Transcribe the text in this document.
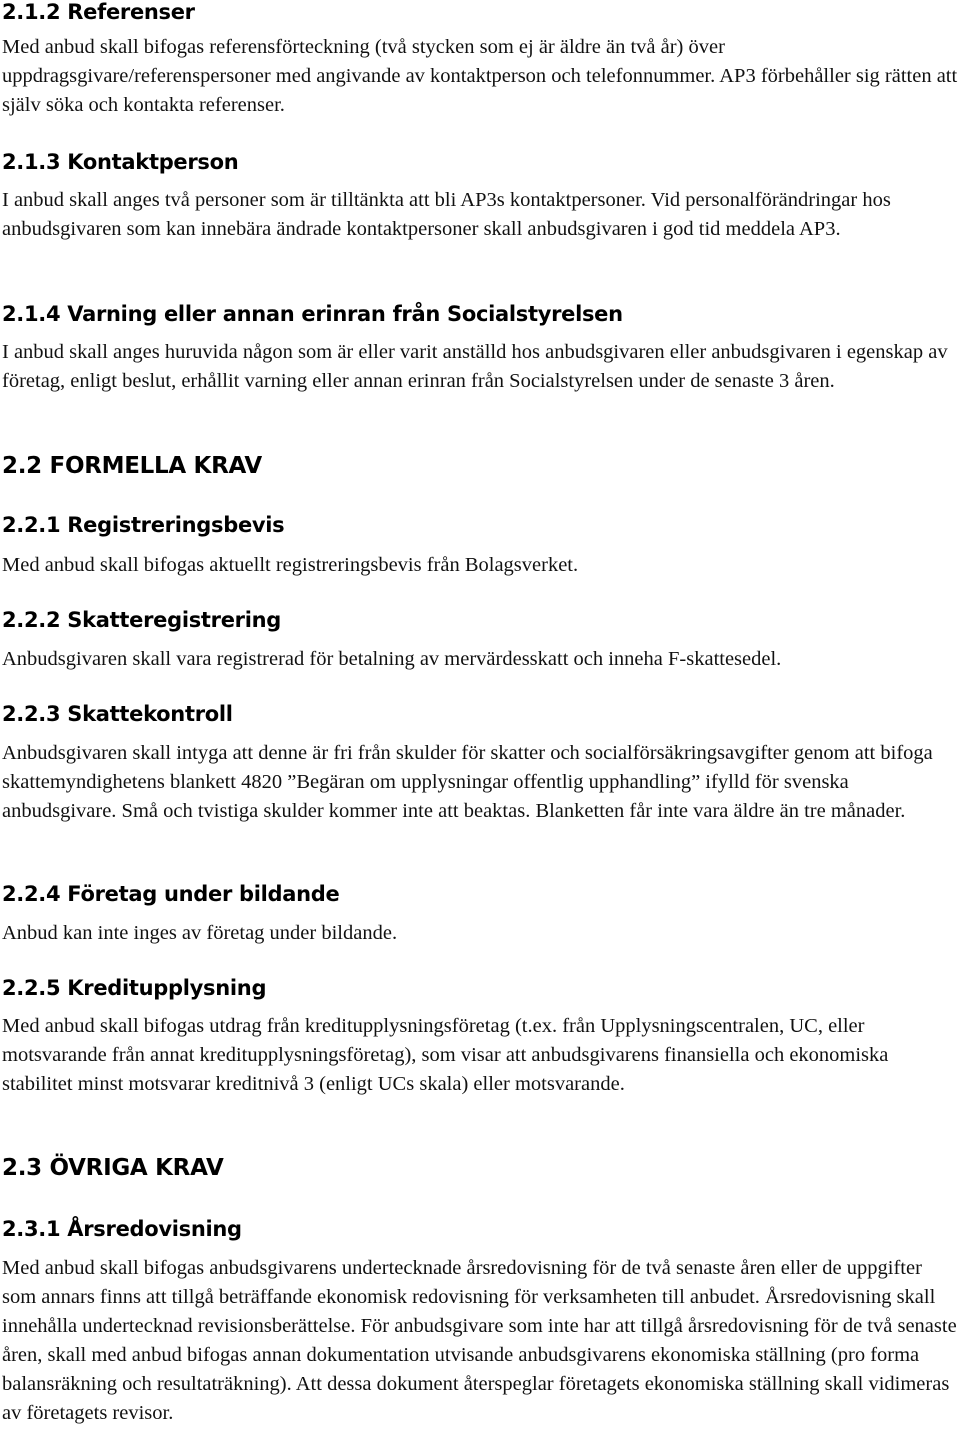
2.1.2 Referenser

Med anbud skall bifogas referensförteckning (två stycken som ej är äldre än två år) över uppdragsgivare/referenspersoner med angivande av kontaktperson och telefonnummer. AP3 förbehåller sig rätten att själv söka och kontakta referenser.

2.1.3 Kontaktperson

I anbud skall anges två personer som är tilltänkta att bli AP3s kontaktpersoner. Vid personalförändringar hos anbudsgivaren som kan innebära ändrade kontaktpersoner skall anbudsgivaren i god tid meddela AP3.

2.1.4 Varning eller annan erinran från Socialstyrelsen

I anbud skall anges huruvida någon som är eller varit anställd hos anbudsgivaren eller anbudsgivaren i egenskap av företag, enligt beslut, erhållit varning eller annan erinran från Socialstyrelsen under de senaste 3 åren.

2.2 FORMELLA KRAV
2.2.1 Registreringsbevis

Med anbud skall bifogas aktuellt registreringsbevis från Bolagsverket.

2.2.2 Skatteregistrering

Anbudsgivaren skall vara registrerad för betalning av mervärdesskatt och inneha F-skattesedel.

2.2.3 Skattekontroll

Anbudsgivaren skall intyga att denne är fri från skulder för skatter och socialförsäkringsavgifter genom att bifoga skattemyndighetens blankett 4820 ”Begäran om upplysningar offentlig upphandling” ifylld för svenska anbudsgivare. Små och tvistiga skulder kommer inte att beaktas. Blanketten får inte vara äldre än tre månader.

2.2.4 Företag under bildande

Anbud kan inte inges av företag under bildande.

2.2.5 Kreditupplysning

Med anbud skall bifogas utdrag från kreditupplysningsföretag (t.ex. från Upplysningscentralen, UC, eller motsvarande från annat kreditupplysningsföretag), som visar att anbudsgivarens finansiella och ekonomiska stabilitet minst motsvarar kreditnivå 3 (enligt UCs skala) eller motsvarande.

2.3 ÖVRIGA KRAV
2.3.1 Årsredovisning

Med anbud skall bifogas anbudsgivarens undertecknade årsredovisning för de två senaste åren eller de uppgifter som annars finns att tillgå beträffande ekonomisk redovisning för verksamheten till anbudet. Årsredovisning skall innehålla undertecknad revisionsberättelse. För anbudsgivare som inte har att tillgå årsredovisning för de två senaste åren, skall med anbud bifogas annan dokumentation utvisande anbudsgivarens ekonomiska ställning (pro forma balansräkning och resultaträkning). Att dessa dokument återspeglar företagets ekonomiska ställning skall vidimeras av företagets revisor.
